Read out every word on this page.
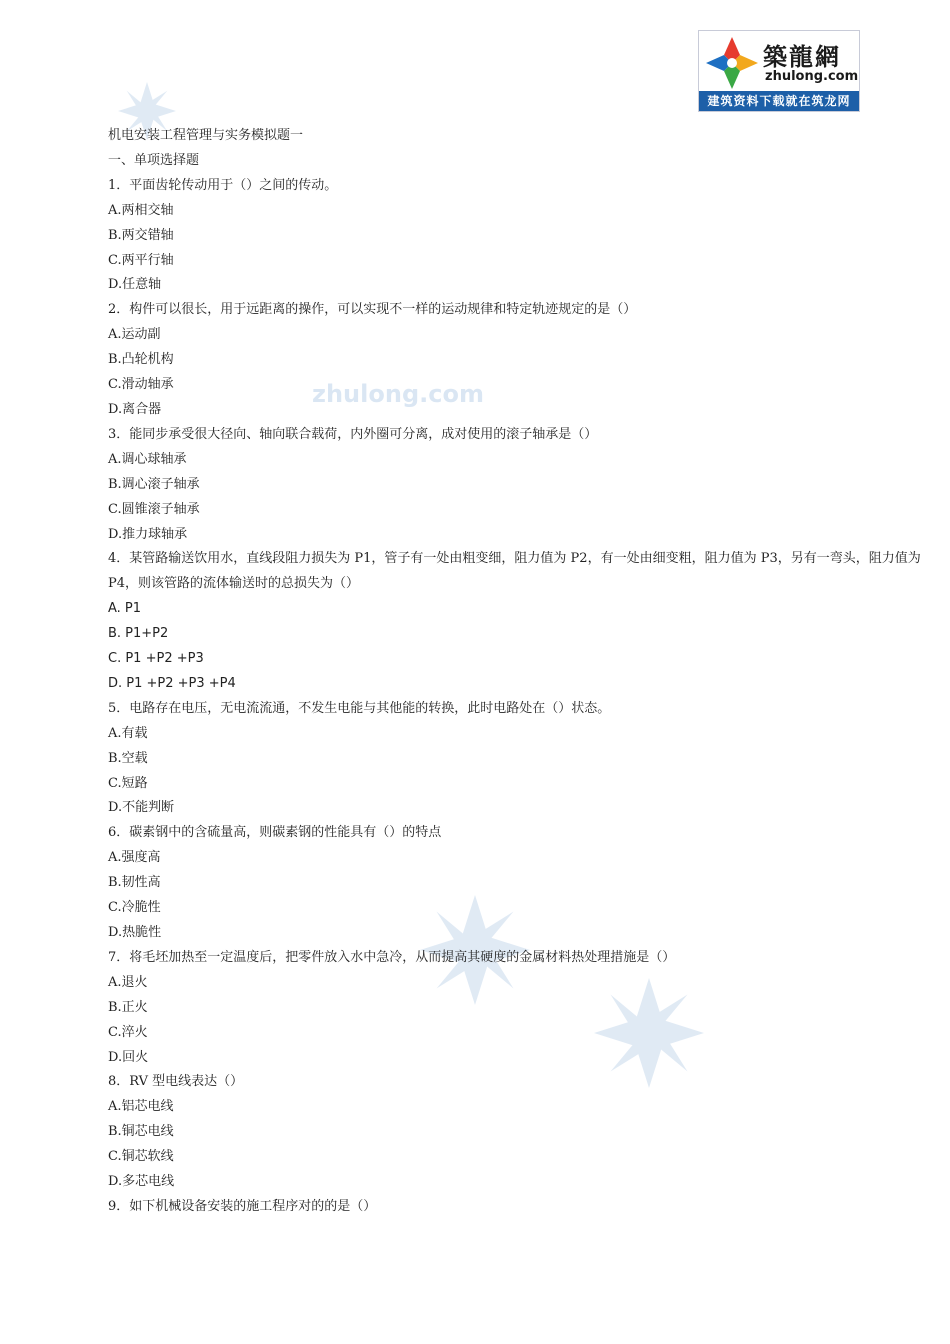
築龍網
zhulong.com
建筑资料下载就在筑龙网
zhulong.com
机电安装工程管理与实务模拟题一
一、单项选择题
1．平面齿轮传动用于（）之间的传动。
A.两相交轴
B.两交错轴
C.两平行轴
D.任意轴
2．构件可以很长，用于远距离的操作，可以实现不一样的运动规律和特定轨迹规定的是（）
A.运动副
B.凸轮机构
C.滑动轴承
D.离合器
3．能同步承受很大径向、轴向联合载荷，内外圈可分离，成对使用的滚子轴承是（）
A.调心球轴承
B.调心滚子轴承
C.圆锥滚子轴承
D.推力球轴承
4．某管路输送饮用水，直线段阻力损失为 P1，管子有一处由粗变细，阻力值为 P2，有一处由细变粗，阻力值为 P3，另有一弯头，阻力值为 P4，则该管路的流体输送时的总损失为（）
A. P1
B. P1+P2
C. P1 +P2 +P3
D. P1 +P2 +P3 +P4
5．电路存在电压，无电流流通，不发生电能与其他能的转换，此时电路处在（）状态。
A.有载
B.空载
C.短路
D.不能判断
6．碳素钢中的含硫量高，则碳素钢的性能具有（）的特点
A.强度高
B.韧性高
C.冷脆性
D.热脆性
7．将毛坯加热至一定温度后，把零件放入水中急冷，从而提高其硬度的金属材料热处理措施是（）
A.退火
B.正火
C.淬火
D.回火
8．RV 型电线表达（）
A.铝芯电线
B.铜芯电线
C.铜芯软线
D.多芯电线
9．如下机械设备安装的施工程序对的的是（）
